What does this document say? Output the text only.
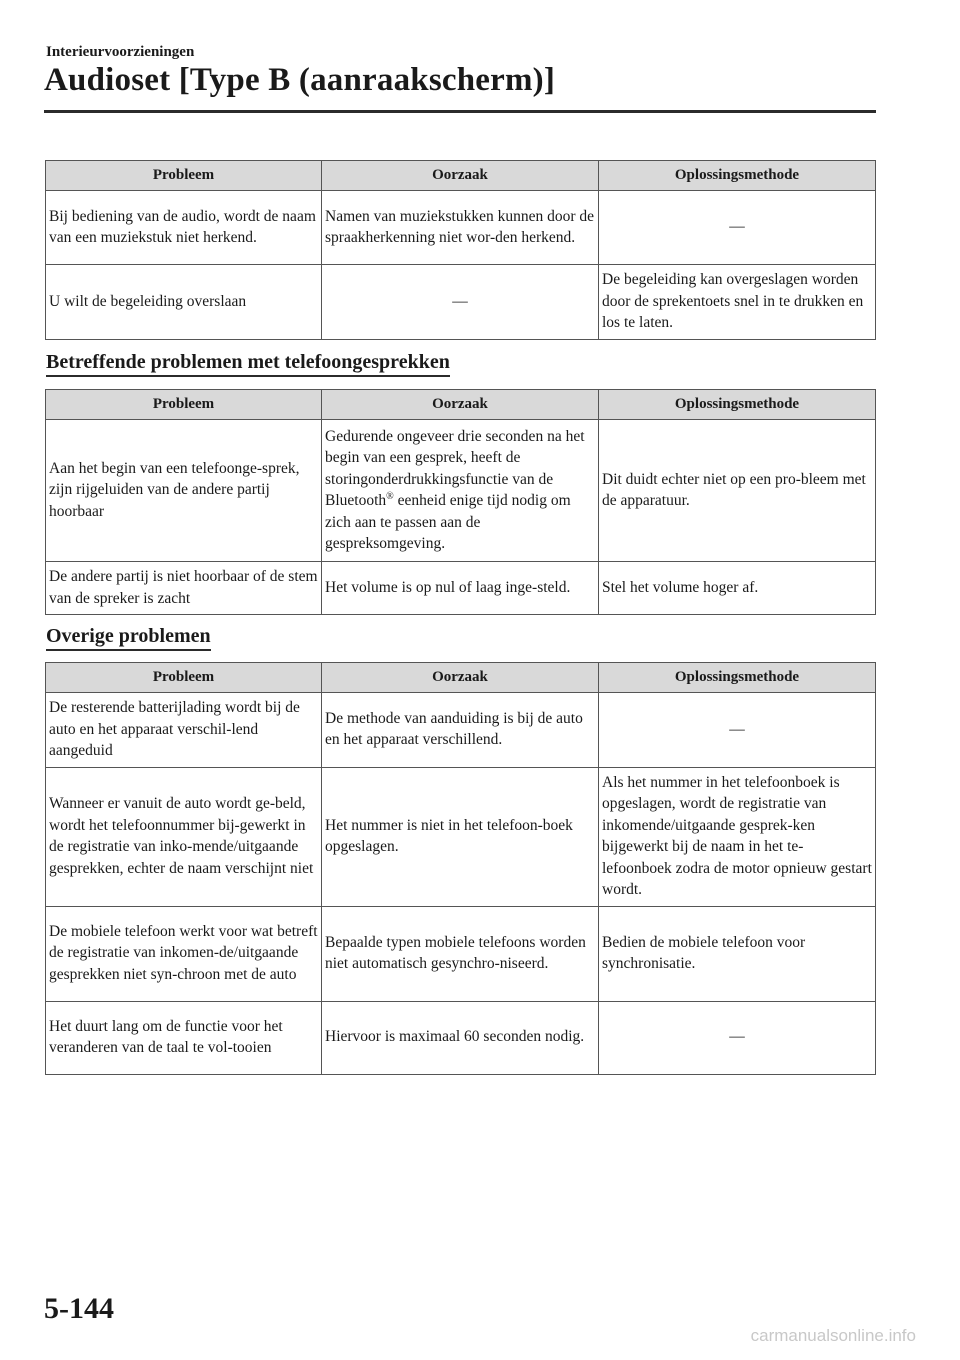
Interieurvoorzieningen
Audioset [Type B (aanraakscherm)]
Probleem	Oorzaak	Oplossingsmethode
Bij bediening van de audio, wordt de naam van een muziekstuk niet herkend.	Namen van muziekstukken kunnen door de spraakherkenning niet wor-den herkend.	—
U wilt de begeleiding overslaan	—	De begeleiding kan overgeslagen worden door de sprekentoets snel in te drukken en los te laten.
Betreffende problemen met telefoongesprekken
Probleem	Oorzaak	Oplossingsmethode
Aan het begin van een telefoonge-sprek, zijn rijgeluiden van de andere partij hoorbaar	Gedurende ongeveer drie seconden na het begin van een gesprek, heeft de storingonderdrukkingsfunctie van de Bluetooth® eenheid enige tijd nodig om zich aan te passen aan de gespreksomgeving.	Dit duidt echter niet op een pro-bleem met de apparatuur.
De andere partij is niet hoorbaar of de stem van de spreker is zacht	Het volume is op nul of laag inge-steld.	Stel het volume hoger af.
Overige problemen
Probleem	Oorzaak	Oplossingsmethode
De resterende batterijlading wordt bij de auto en het apparaat verschil-lend aangeduid	De methode van aanduiding is bij de auto en het apparaat verschillend.	—
Wanneer er vanuit de auto wordt ge-beld, wordt het telefoonnummer bij-gewerkt in de registratie van inko-mende/uitgaande gesprekken, echter de naam verschijnt niet	Het nummer is niet in het telefoon-boek opgeslagen.	Als het nummer in het telefoonboek is opgeslagen, wordt de registratie van inkomende/uitgaande gesprek-ken bijgewerkt bij de naam in het te-lefoonboek zodra de motor opnieuw gestart wordt.
De mobiele telefoon werkt voor wat betreft de registratie van inkomen-de/uitgaande gesprekken niet syn-chroon met de auto	Bepaalde typen mobiele telefoons worden niet automatisch gesynchro-niseerd.	Bedien de mobiele telefoon voor synchronisatie.
Het duurt lang om de functie voor het veranderen van de taal te vol-tooien	Hiervoor is maximaal 60 seconden nodig.	—
5-144
carmanualsonline.info
